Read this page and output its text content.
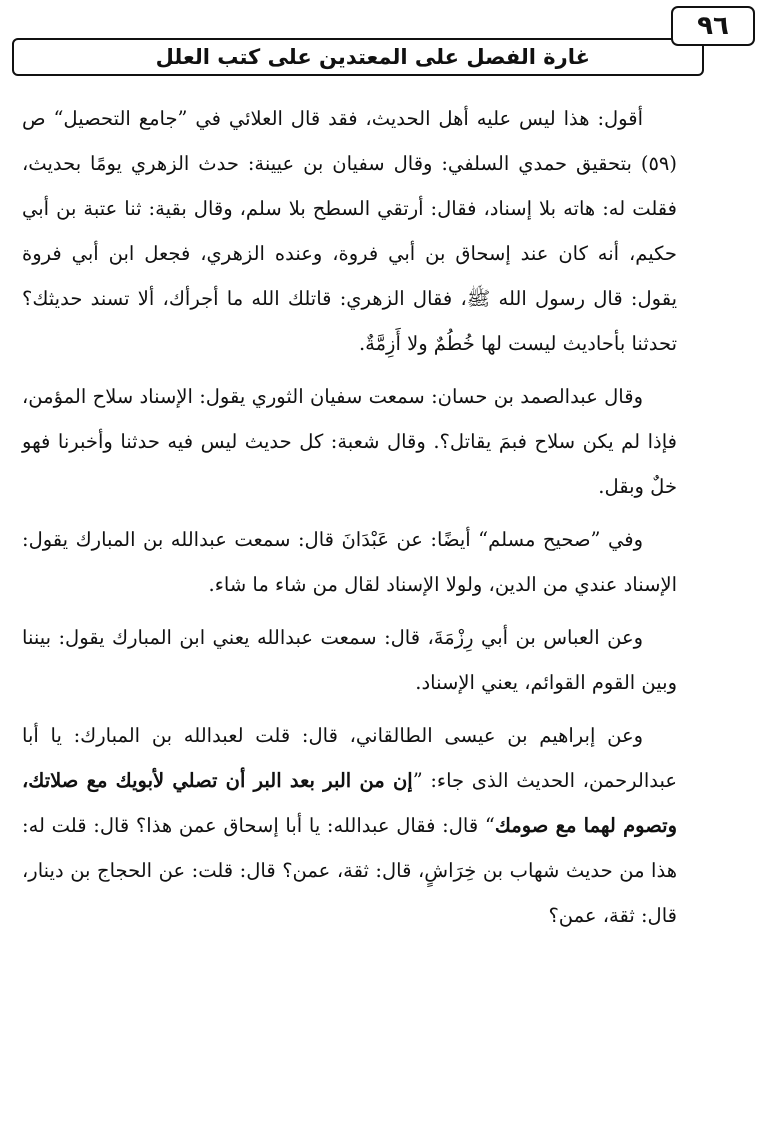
غارة الفصل على المعتدين على كتب العلل
٩٦

أقول: هذا ليس عليه أهل الحديث، فقد قال العلائي في ”جامع التحصيل“ ص (٥٩) بتحقيق حمدي السلفي: وقال سفيان بن عيينة: حدث الزهري يومًا بحديث، فقلت له: هاته بلا إسناد، فقال: أرتقي السطح بلا سلم، وقال بقية: ثنا عتبة بن أبي حكيم، أنه كان عند إسحاق بن أبي فروة، وعنده الزهري، فجعل ابن أبي فروة يقول: قال رسول الله ﷺ، فقال الزهري: قاتلك الله ما أجرأك، ألا تسند حديثك؟ تحدثنا بأحاديث ليست لها خُطُمٌ ولا أَزِمَّةٌ.

وقال عبدالصمد بن حسان: سمعت سفيان الثوري يقول: الإسناد سلاح المؤمن، فإذا لم يكن سلاح فبمَ يقاتل؟. وقال شعبة: كل حديث ليس فيه حدثنا وأخبرنا فهو خلٌ وبقل.

وفي ”صحيح مسلم“ أيضًا: عن عَبْدَانَ قال: سمعت عبدالله بن المبارك يقول: الإسناد عندي من الدين، ولولا الإسناد لقال من شاء ما شاء.

وعن العباس بن أبي رِزْمَةَ، قال: سمعت عبدالله يعني ابن المبارك يقول: بيننا وبين القوم القوائم، يعني الإسناد.

وعن إبراهيم بن عيسى الطالقاني، قال: قلت لعبدالله بن المبارك: يا أبا عبدالرحمن، الحديث الذى جاء: ”إن من البر بعد البر أن تصلي لأبويك مع صلاتك، وتصوم لهما مع صومك“ قال: فقال عبدالله: يا أبا إسحاق عمن هذا؟ قال: قلت له: هذا من حديث شهاب بن خِرَاشٍ، قال: ثقة، عمن؟ قال: قلت: عن الحجاج بن دينار، قال: ثقة، عمن؟
